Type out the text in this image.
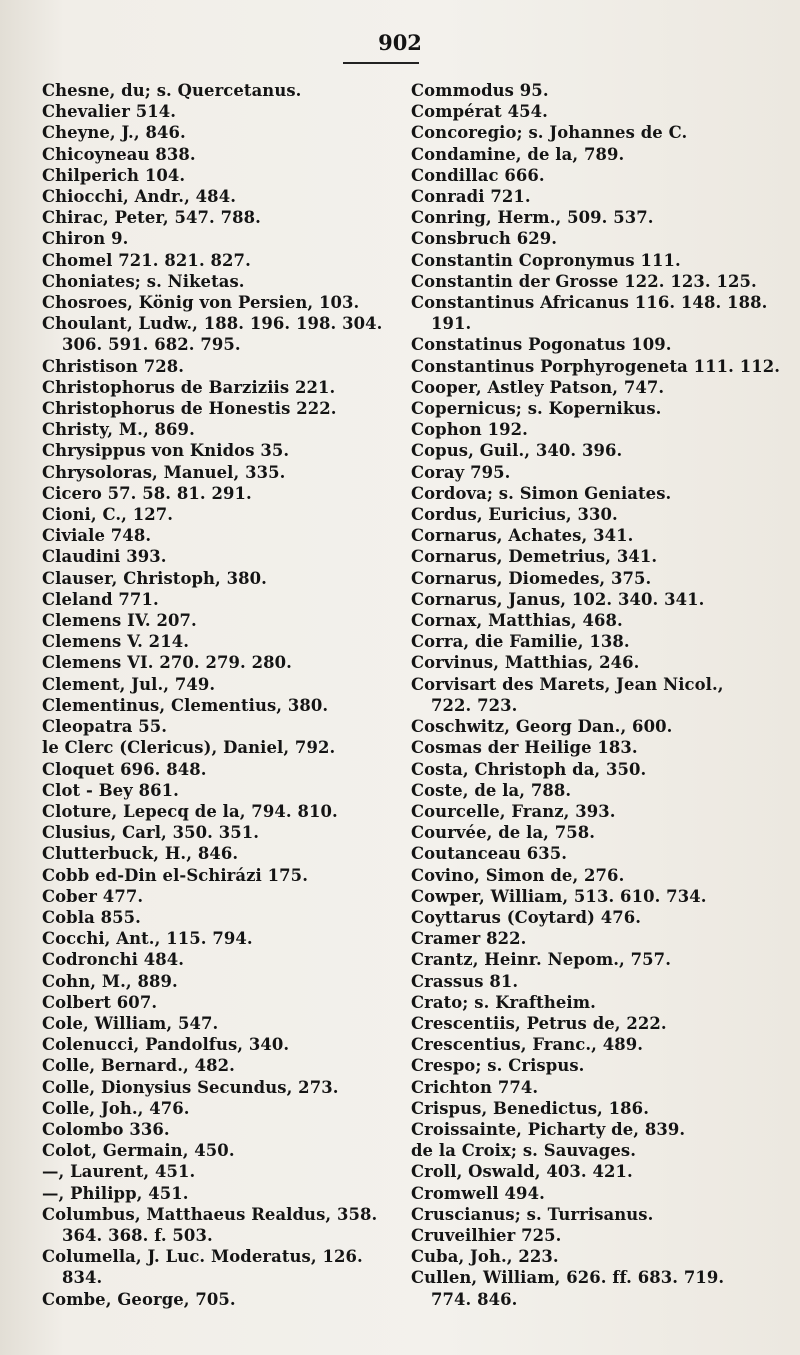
902
Chesne, du; s. Quercetanus.
Chevalier 514.
Cheyne, J., 846.
Chicoyneau 838.
Chilperich 104.
Chiocchi, Andr., 484.
Chirac, Peter, 547. 788.
Chiron 9.
Chomel 721. 821. 827.
Choniates; s. Niketas.
Chosroes, König von Persien, 103.
Choulant, Ludw., 188. 196. 198. 304.
306. 591. 682. 795.
Christison 728.
Christophorus de Barziziis 221.
Christophorus de Honestis 222.
Christy, M., 869.
Chrysippus von Knidos 35.
Chrysoloras, Manuel, 335.
Cicero 57. 58. 81. 291.
Cioni, C., 127.
Civiale 748.
Claudini 393.
Clauser, Christoph, 380.
Cleland 771.
Clemens IV. 207.
Clemens V. 214.
Clemens VI. 270. 279. 280.
Clement, Jul., 749.
Clementinus, Clementius, 380.
Cleopatra 55.
le Clerc (Clericus), Daniel, 792.
Cloquet 696. 848.
Clot - Bey 861.
Cloture, Lepecq de la, 794. 810.
Clusius, Carl, 350. 351.
Clutterbuck, H., 846.
Cobb ed-Din el-Schirázi 175.
Cober 477.
Cobla 855.
Cocchi, Ant., 115. 794.
Codronchi 484.
Cohn, M., 889.
Colbert 607.
Cole, William, 547.
Colenucci, Pandolfus, 340.
Colle, Bernard., 482.
Colle, Dionysius Secundus, 273.
Colle, Joh., 476.
Colombo 336.
Colot, Germain, 450.
—, Laurent, 451.
—, Philipp, 451.
Columbus, Matthaeus Realdus, 358.
364. 368. f. 503.
Columella, J. Luc. Moderatus, 126.
834.
Combe, George, 705.
Commodus 95.
Compérat 454.
Concoregio; s. Johannes de C.
Condamine, de la, 789.
Condillac 666.
Conradi 721.
Conring, Herm., 509. 537.
Consbruch 629.
Constantin Copronymus 111.
Constantin der Grosse 122. 123. 125.
Constantinus Africanus 116. 148. 188.
191.
Constatinus Pogonatus 109.
Constantinus Porphyrogeneta 111. 112.
Cooper, Astley Patson, 747.
Copernicus; s. Kopernikus.
Cophon 192.
Copus, Guil., 340. 396.
Coray 795.
Cordova; s. Simon Geniates.
Cordus, Euricius, 330.
Cornarus, Achates, 341.
Cornarus, Demetrius, 341.
Cornarus, Diomedes, 375.
Cornarus, Janus, 102. 340. 341.
Cornax, Matthias, 468.
Corra, die Familie, 138.
Corvinus, Matthias, 246.
Corvisart des Marets, Jean Nicol.,
722. 723.
Coschwitz, Georg Dan., 600.
Cosmas der Heilige 183.
Costa, Christoph da, 350.
Coste, de la, 788.
Courcelle, Franz, 393.
Courvée, de la, 758.
Coutanceau 635.
Covino, Simon de, 276.
Cowper, William, 513. 610. 734.
Coyttarus (Coytard) 476.
Cramer 822.
Crantz, Heinr. Nepom., 757.
Crassus 81.
Crato; s. Kraftheim.
Crescentiis, Petrus de, 222.
Crescentius, Franc., 489.
Crespo; s. Crispus.
Crichton 774.
Crispus, Benedictus, 186.
Croissainte, Picharty de, 839.
de la Croix; s. Sauvages.
Croll, Oswald, 403. 421.
Cromwell 494.
Cruscianus; s. Turrisanus.
Cruveilhier 725.
Cuba, Joh., 223.
Cullen, William, 626. ff. 683. 719.
774. 846.
